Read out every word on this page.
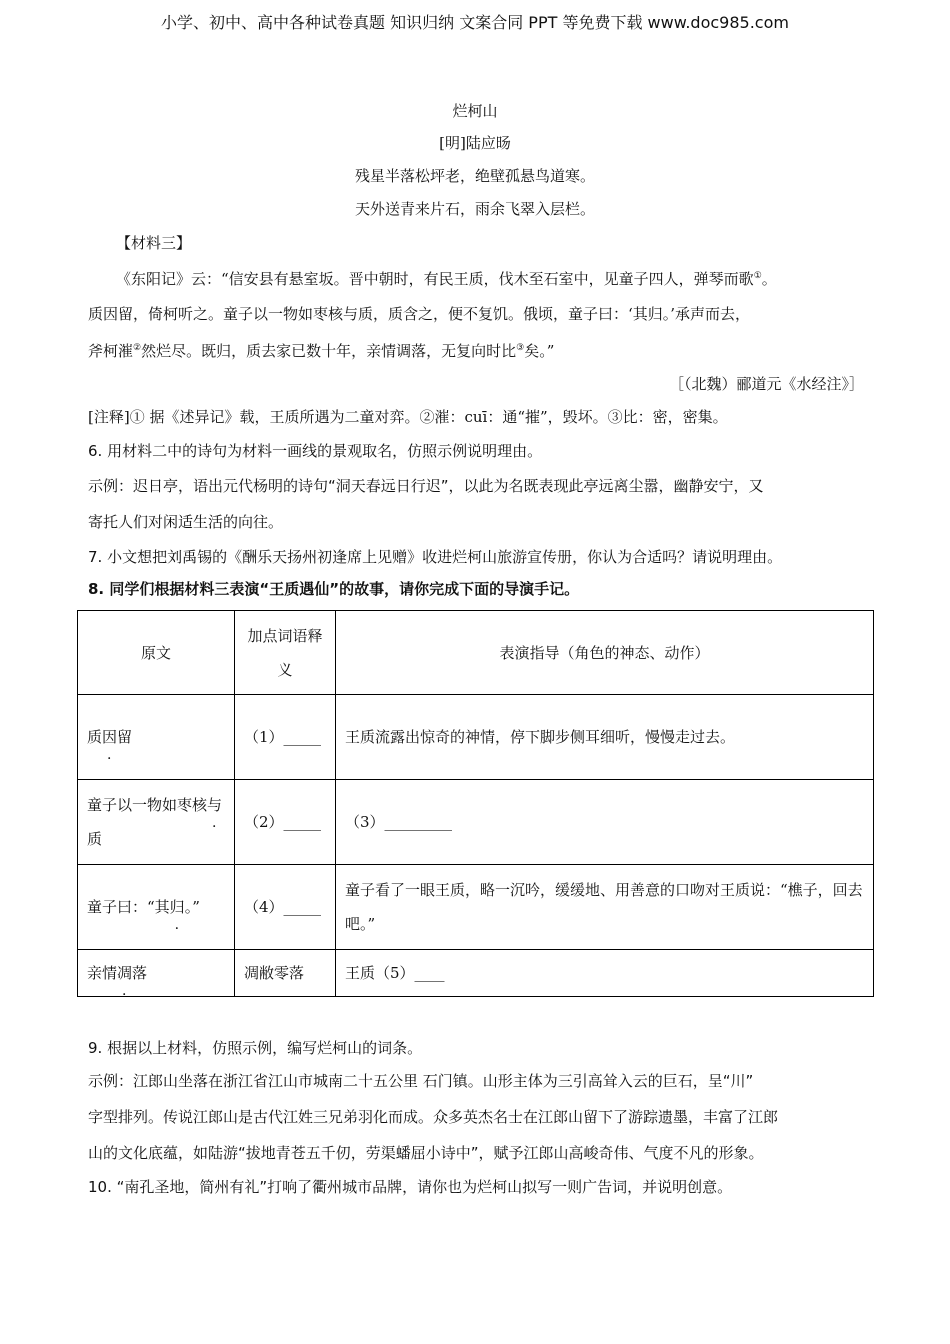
小学、初中、高中各种试卷真题 知识归纳 文案合同 PPT 等免费下载 www.doc985.com
烂柯山
[明]陆应旸
残星半落松坪老，绝壁孤悬鸟道寒。
天外送青来片石，雨余飞翠入层栏。
【材料三】
《东阳记》云：“信安县有悬室坂。晋中朝时，有民王质，伐木至石室中，见童子四人，弹琴而歌①。
质因留，倚柯听之。童子以一物如枣核与质，质含之，便不复饥。俄顷，童子曰：‘其归。’承声而去，
斧柯漼②然烂尽。既归，质去家已数十年，亲情调落，无复向时比③矣。”
［（北魏）郦道元《水经注》］
[注释]① 据《述异记》载，王质所遇为二童对弈。②漼：cuī：通“摧”，毁坏。③比：密，密集。
6. 用材料二中的诗句为材料一画线的景观取名，仿照示例说明理由。
示例：迟日亭，语出元代杨明的诗句“洞天春远日行迟”，以此为名既表现此亭远离尘嚣，幽静安宁，又
寄托人们对闲适生活的向往。
7. 小文想把刘禹锡的《酬乐天扬州初逢席上见赠》收进烂柯山旅游宣传册，你认为合适吗？请说明理由。
8. 同学们根据材料三表演“王质遇仙”的故事，请你完成下面的导演手记。
原文	加点词语释义	表演指导（角色的神态、动作）
质因留	（1）_____	王质流露出惊奇的神情，停下脚步侧耳细听，慢慢走过去。
童子以一物如枣核与质	（2）_____	（3）_________
童子曰：“其归。”	（4）_____	童子看了一眼王质，略一沉吟，缓缓地、用善意的口吻对王质说：“樵子，回去吧。”
亲情凋落	凋敝零落	王质（5）____
9. 根据以上材料，仿照示例，编写烂柯山的词条。
示例：江郎山坐落在浙江省江山市城南二十五公里 石门镇。山形主体为三引高耸入云的巨石，呈“川”
字型排列。传说江郎山是古代江姓三兄弟羽化而成。众多英杰名士在江郎山留下了游踪遗墨，丰富了江郎
山的文化底蕴，如陆游“拔地青苍五千仞，劳渠蟠屈小诗中”，赋予江郎山高峻奇伟、气度不凡的形象。
10. “南孔圣地，简州有礼”打响了衢州城市品牌，请你也为烂柯山拟写一则广告词，并说明创意。
